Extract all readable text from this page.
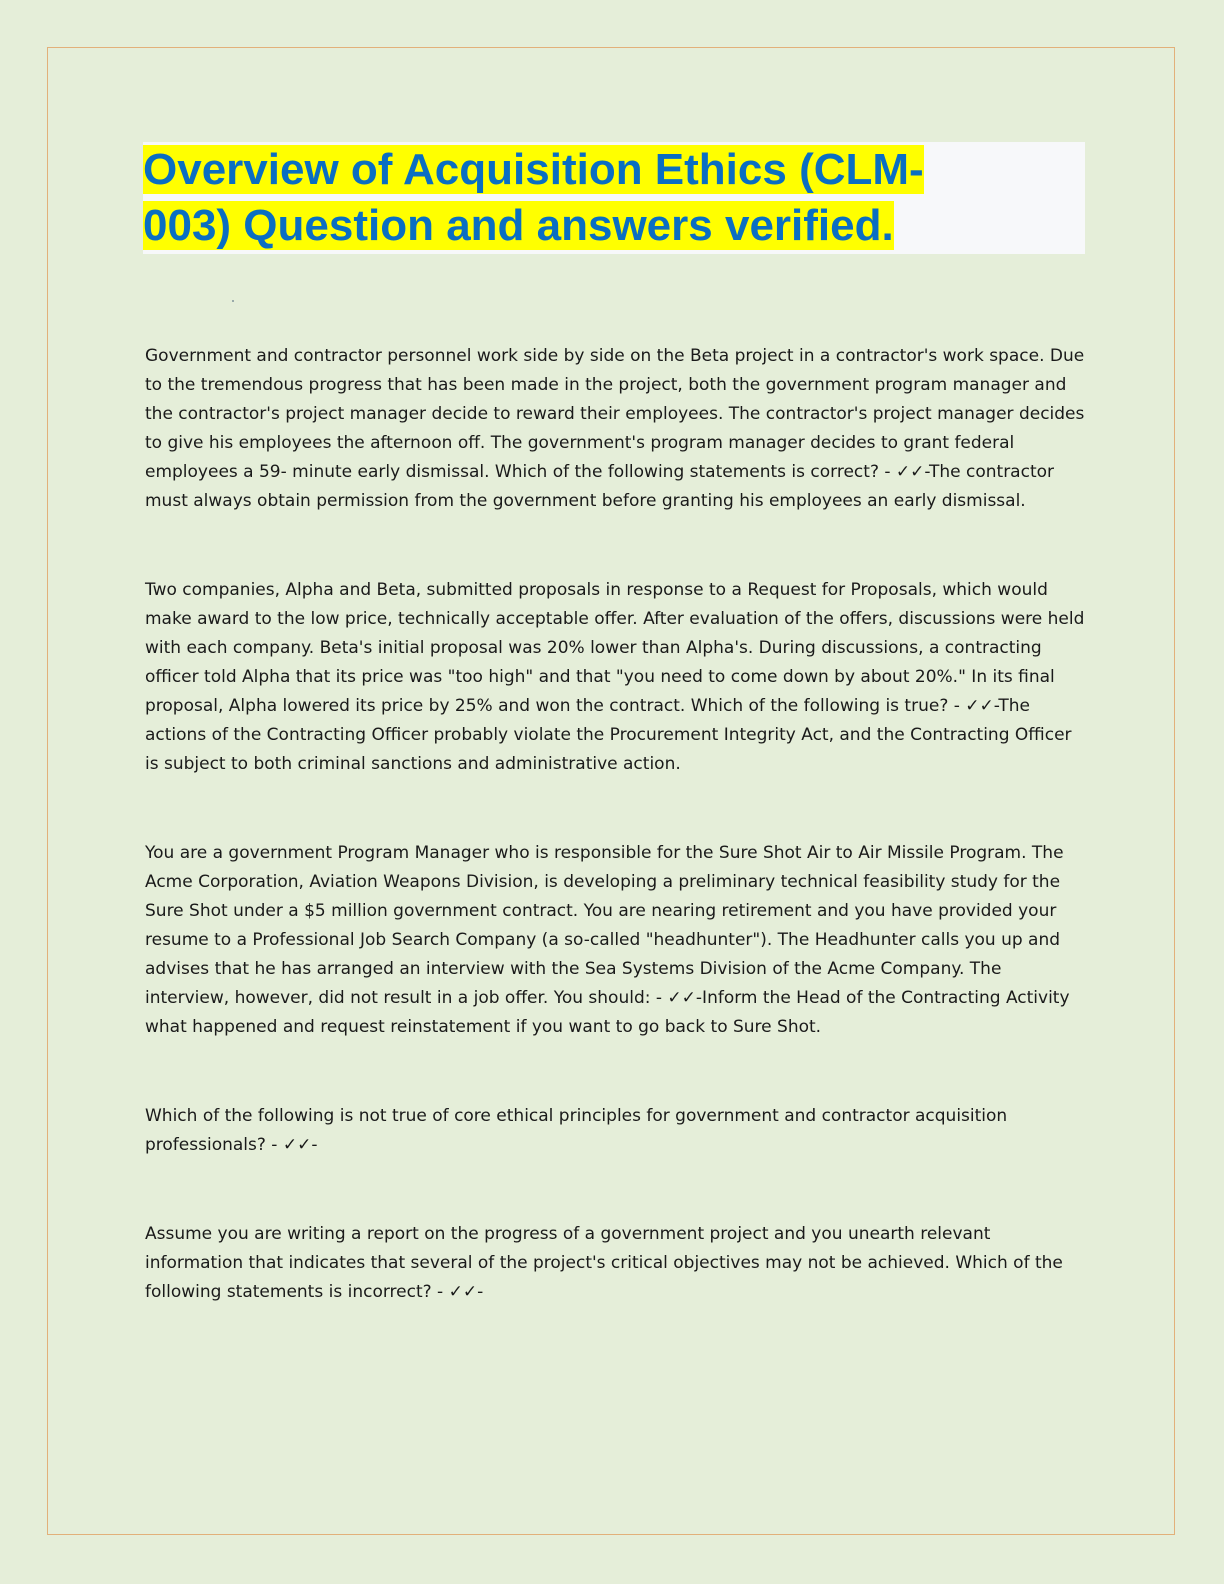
Overview of Acquisition Ethics (CLM-
003) Question and answers verified.

Government and contractor personnel work side by side on the Beta project in a contractor's work space. Due to the tremendous progress that has been made in the project, both the government program manager and the contractor's project manager decide to reward their employees. The contractor's project manager decides to give his employees the afternoon off. The government's program manager decides to grant federal employees a 59- minute early dismissal. Which of the following statements is correct? - ✓✓-The contractor must always obtain permission from the government before granting his employees an early dismissal.

Two companies, Alpha and Beta, submitted proposals in response to a Request for Proposals, which would make award to the low price, technically acceptable offer. After evaluation of the offers, discussions were held with each company. Beta's initial proposal was 20% lower than Alpha's. During discussions, a contracting officer told Alpha that its price was "too high" and that "you need to come down by about 20%." In its final proposal, Alpha lowered its price by 25% and won the contract. Which of the following is true? - ✓✓-The actions of the Contracting Officer probably violate the Procurement Integrity Act, and the Contracting Officer is subject to both criminal sanctions and administrative action.

You are a government Program Manager who is responsible for the Sure Shot Air to Air Missile Program. The Acme Corporation, Aviation Weapons Division, is developing a preliminary technical feasibility study for the Sure Shot under a $5 million government contract. You are nearing retirement and you have provided your resume to a Professional Job Search Company (a so-called "headhunter"). The Headhunter calls you up and advises that he has arranged an interview with the Sea Systems Division of the Acme Company. The interview, however, did not result in a job offer. You should: - ✓✓-Inform the Head of the Contracting Activity what happened and request reinstatement if you want to go back to Sure Shot.

Which of the following is not true of core ethical principles for government and contractor acquisition professionals? - ✓✓-

Assume you are writing a report on the progress of a government project and you unearth relevant information that indicates that several of the project's critical objectives may not be achieved. Which of the following statements is incorrect? - ✓✓-
